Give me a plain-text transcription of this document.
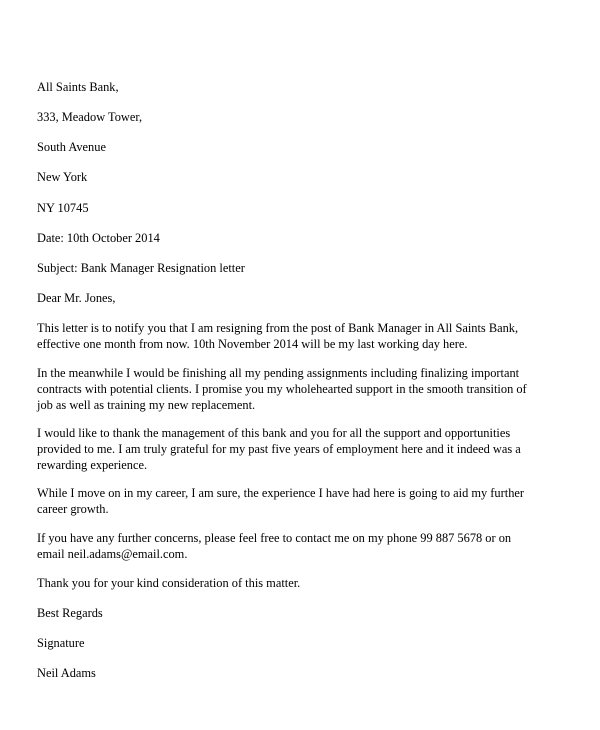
All Saints Bank,
333, Meadow Tower,
South Avenue
New York
NY 10745
Date: 10th October 2014
Subject: Bank Manager Resignation letter
Dear Mr. Jones,
This letter is to notify you that I am resigning from the post of Bank Manager in All Saints Bank,
effective one month from now. 10th November 2014 will be my last working day here.
In the meanwhile I would be finishing all my pending assignments including finalizing important
contracts with potential clients. I promise you my wholehearted support in the smooth transition of
job as well as training my new replacement.
I would like to thank the management of this bank and you for all the support and opportunities
provided to me. I am truly grateful for my past five years of employment here and it indeed was a
rewarding experience.
While I move on in my career, I am sure, the experience I have had here is going to aid my further
career growth.
If you have any further concerns, please feel free to contact me on my phone 99 887 5678 or on
email neil.adams@email.com.
Thank you for your kind consideration of this matter.
Best Regards
Signature
Neil Adams
